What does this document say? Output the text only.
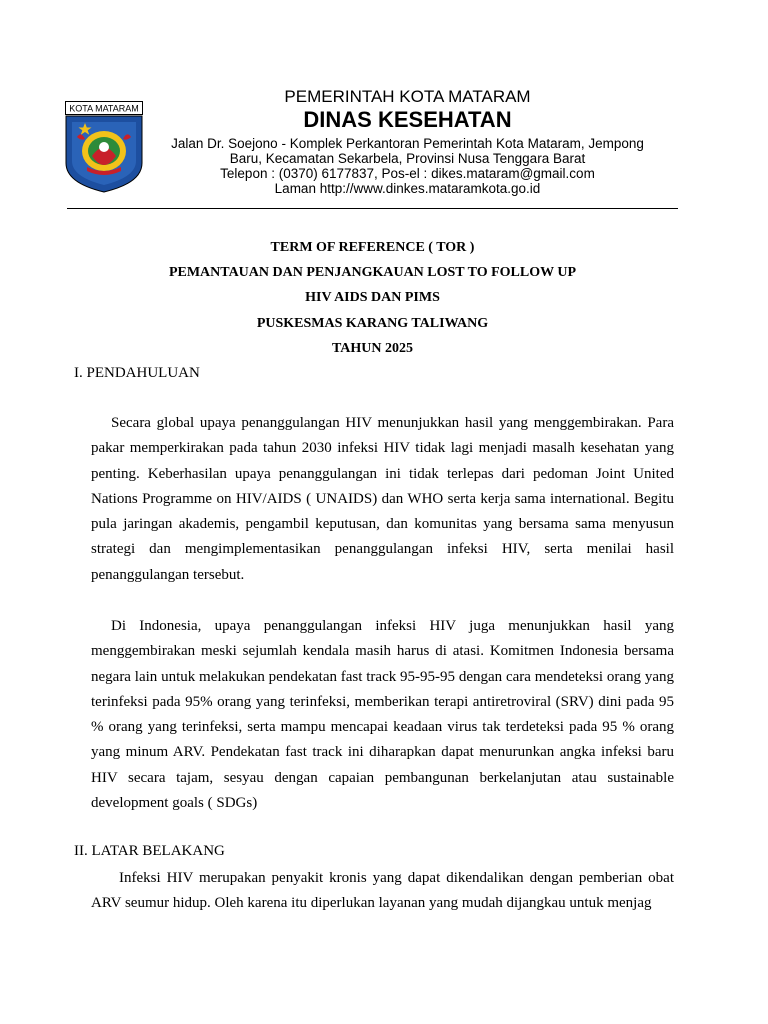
KOTA MATARAM
PEMERINTAH KOTA MATARAM
DINAS KESEHATAN
Jalan Dr. Soejono - Komplek Perkantoran Pemerintah Kota Mataram, Jempong
Baru, Kecamatan Sekarbela, Provinsi Nusa Tenggara Barat
Telepon : (0370) 6177837, Pos-el : dikes.mataram@gmail.com
Laman http://www.dinkes.mataramkota.go.id
TERM OF REFERENCE ( TOR )
PEMANTAUAN DAN PENJANGKAUAN LOST TO FOLLOW UP
HIV AIDS DAN PIMS
PUSKESMAS KARANG TALIWANG
TAHUN 2025
I. PENDAHULUAN

Secara global upaya penanggulangan HIV menunjukkan hasil yang menggembirakan. Para pakar memperkirakan pada tahun 2030 infeksi HIV tidak lagi menjadi masalh kesehatan yang penting. Keberhasilan upaya penanggulangan ini tidak terlepas dari pedoman Joint United Nations Programme on HIV/AIDS ( UNAIDS) dan WHO serta kerja sama international. Begitu pula jaringan akademis, pengambil keputusan, dan komunitas yang bersama sama menyusun strategi dan mengimplementasikan penanggulangan infeksi HIV, serta menilai hasil penanggulangan tersebut.

Di Indonesia, upaya penanggulangan infeksi HIV juga menunjukkan hasil yang menggembirakan meski sejumlah kendala masih harus di atasi. Komitmen Indonesia bersama negara lain untuk melakukan pendekatan fast track 95-95-95 dengan cara mendeteksi orang yang terinfeksi pada 95% orang yang terinfeksi, memberikan terapi antiretroviral (SRV) dini pada 95 % orang yang terinfeksi, serta mampu mencapai keadaan virus tak terdeteksi pada 95 % orang yang minum ARV. Pendekatan fast track ini diharapkan dapat menurunkan angka infeksi baru HIV secara tajam, sesyau dengan capaian pembangunan berkelanjutan atau sustainable development goals ( SDGs)

II. LATAR BELAKANG

Infeksi HIV merupakan penyakit kronis yang dapat dikendalikan dengan pemberian obat ARV seumur hidup. Oleh karena itu diperlukan layanan yang mudah dijangkau untuk menjag
